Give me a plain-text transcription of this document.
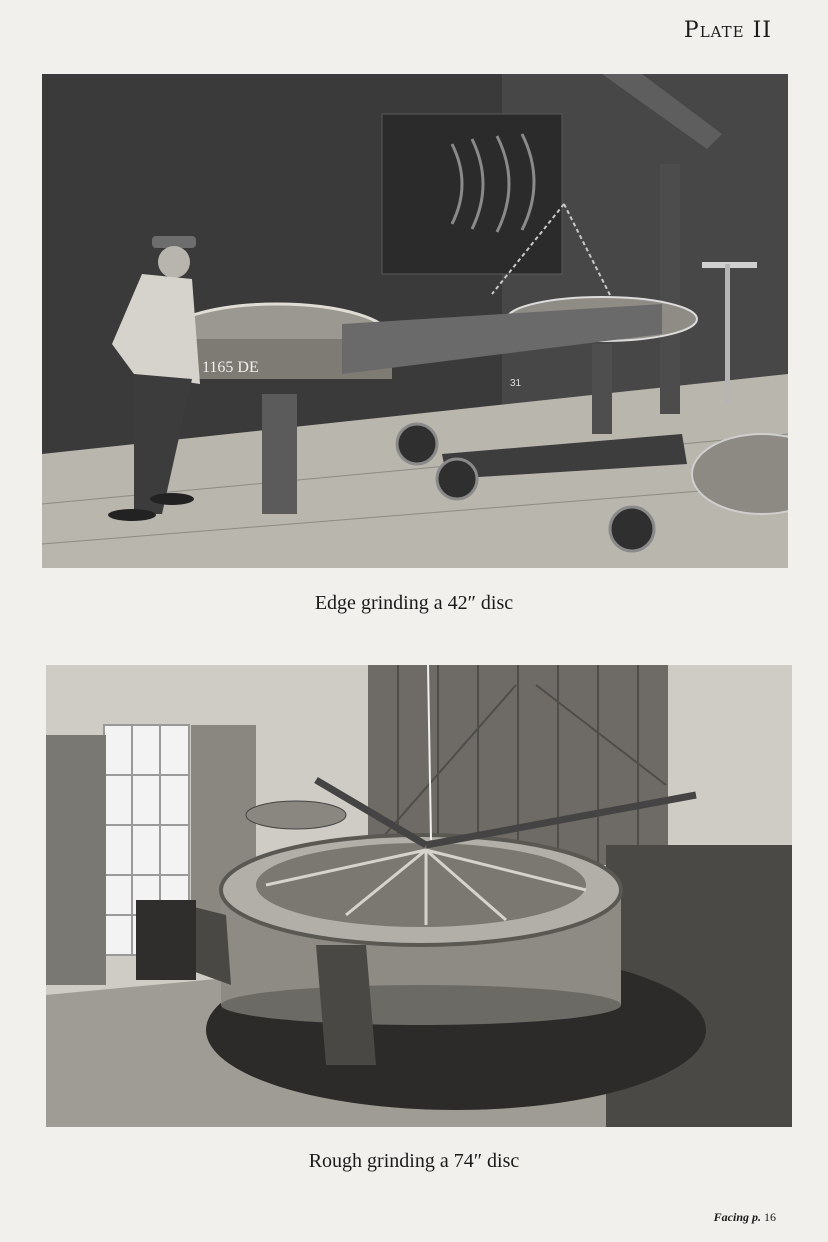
Plate II
1165 DE
31
Edge grinding a 42″ disc
Rough grinding a 74″ disc
Facing p. 16
